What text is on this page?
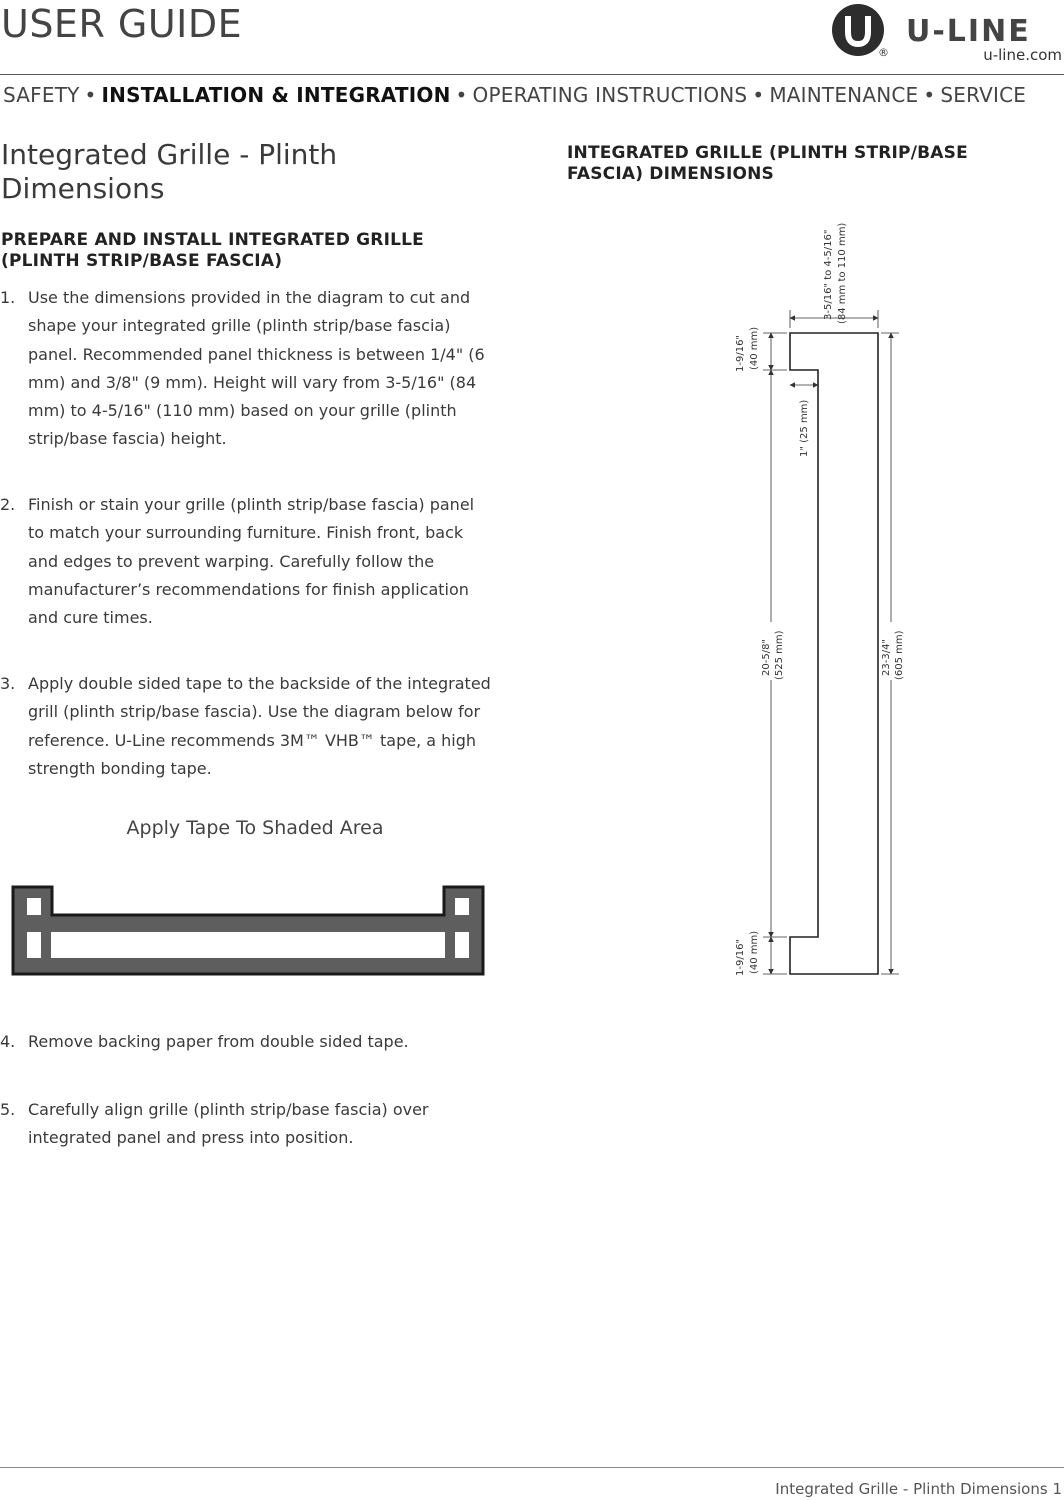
USER GUIDE
®
U-LINE
u-line.com
SAFETY • INSTALLATION & INTEGRATION • OPERATING INSTRUCTIONS • MAINTENANCE • SERVICE
Integrated Grille - Plinth Dimensions
PREPARE AND INSTALL INTEGRATED GRILLE (PLINTH STRIP/BASE FASCIA)
1. Use the dimensions provided in the diagram to cut and shape your integrated grille (plinth strip/base fascia) panel. Recommended panel thickness is between 1/4" (6 mm) and 3/8" (9 mm). Height will vary from 3-5/16" (84 mm) to 4-5/16" (110 mm) based on your grille (plinth strip/base fascia) height.
2. Finish or stain your grille (plinth strip/base fascia) panel to match your surrounding furniture. Finish front, back and edges to prevent warping. Carefully follow the manufacturer’s recommendations for finish application and cure times.
3. Apply double sided tape to the backside of the integrated grill (plinth strip/base fascia). Use the diagram below for reference. U-Line recommends 3M™ VHB™ tape, a high strength bonding tape.
4. Remove backing paper from double sided tape.
5. Carefully align grille (plinth strip/base fascia) over integrated panel and press into position.
Apply Tape To Shaded Area
INTEGRATED GRILLE (PLINTH STRIP/BASE FASCIA) DIMENSIONS
3-5/16" to 4-5/16" (84 mm to 110 mm)
1-9/16" (40 mm)
1" (25 mm)
20-5/8" (525 mm)	23-3/4" (605 mm)
1-9/16" (40 mm)
Integrated Grille - Plinth Dimensions 1
